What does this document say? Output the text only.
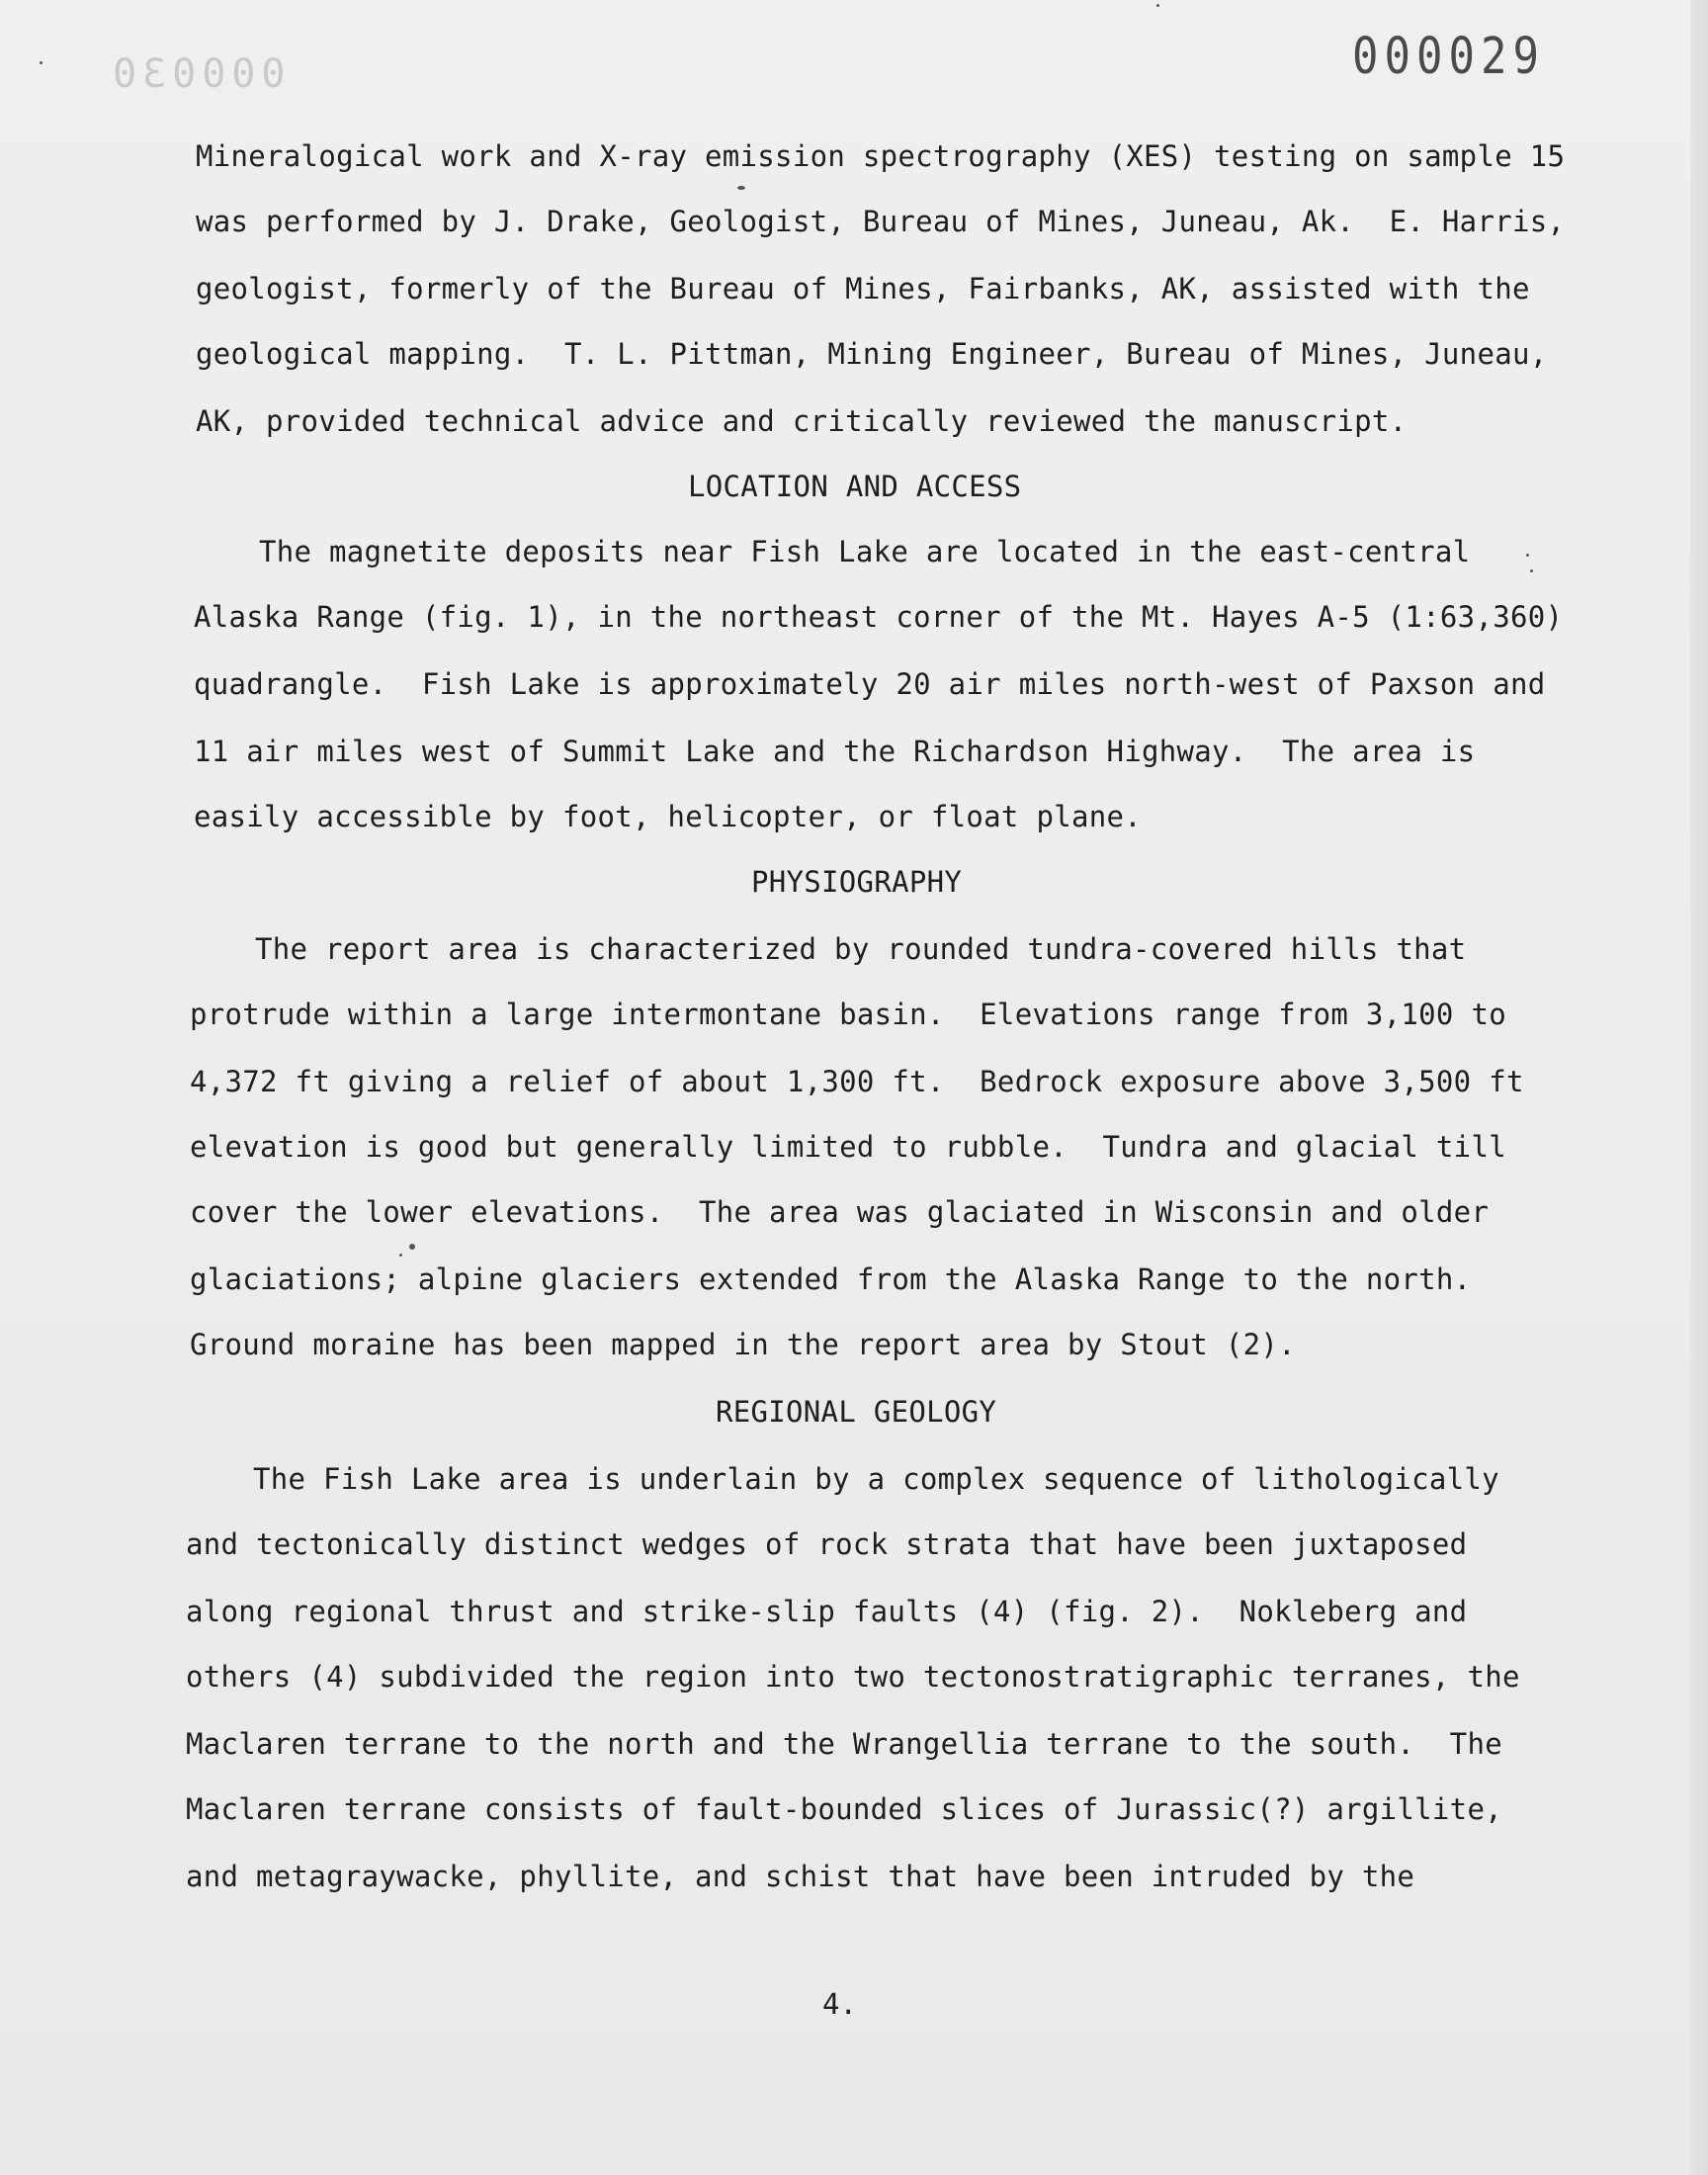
000030	000029
Mineralogical work and X-ray emission spectrography (XES) testing on sample 15
was performed by J. Drake, Geologist, Bureau of Mines, Juneau, Ak.  E. Harris,
geologist, formerly of the Bureau of Mines, Fairbanks, AK, assisted with the
geological mapping.  T. L. Pittman, Mining Engineer, Bureau of Mines, Juneau,
AK, provided technical advice and critically reviewed the manuscript.
LOCATION AND ACCESS
The magnetite deposits near Fish Lake are located in the east-central
Alaska Range (fig. 1), in the northeast corner of the Mt. Hayes A-5 (1:63,360)
quadrangle.  Fish Lake is approximately 20 air miles north-west of Paxson and
11 air miles west of Summit Lake and the Richardson Highway.  The area is
easily accessible by foot, helicopter, or float plane.
PHYSIOGRAPHY
The report area is characterized by rounded tundra-covered hills that
protrude within a large intermontane basin.  Elevations range from 3,100 to
4,372 ft giving a relief of about 1,300 ft.  Bedrock exposure above 3,500 ft
elevation is good but generally limited to rubble.  Tundra and glacial till
cover the lower elevations.  The area was glaciated in Wisconsin and older
glaciations; alpine glaciers extended from the Alaska Range to the north.
Ground moraine has been mapped in the report area by Stout (2).
REGIONAL GEOLOGY
The Fish Lake area is underlain by a complex sequence of lithologically
and tectonically distinct wedges of rock strata that have been juxtaposed
along regional thrust and strike-slip faults (4) (fig. 2).  Nokleberg and
others (4) subdivided the region into two tectonostratigraphic terranes, the
Maclaren terrane to the north and the Wrangellia terrane to the south.  The
Maclaren terrane consists of fault-bounded slices of Jurassic(?) argillite,
and metagraywacke, phyllite, and schist that have been intruded by the
4.
